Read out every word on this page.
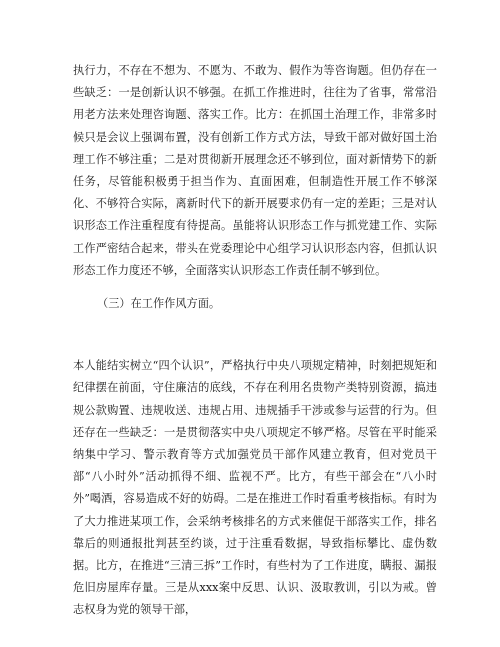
执行力，不存在不想为、不愿为、不敢为、假作为等咨询题。但仍存在一些缺乏：一是创新认识不够强。在抓工作推进时，往往为了省事，常常沿用老方法来处理咨询题、落实工作。比方：在抓国土治理工作，非常多时候只是会议上强调布置，没有创新工作方式方法，导致干部对做好国土治理工作不够注重；二是对贯彻新开展理念还不够到位，面对新情势下的新任务，尽管能积极勇于担当作为、直面困难，但制造性开展工作不够深化、不够符合实际，离新时代下的新开展要求仍有一定的差距；三是对认识形态工作注重程度有待提高。虽能将认识形态工作与抓党建工作、实际工作严密结合起来，带头在党委理论中心组学习认识形态内容，但抓认识形态工作力度还不够，全面落实认识形态工作责任制不够到位。

（三）在工作作风方面。

本人能结实树立“四个认识”，严格执行中央八项规定精神，时刻把规矩和纪律摆在前面，守住廉洁的底线，不存在利用名贵物产类特别资源，搞违规公款购置、违规收送、违规占用、违规插手干涉或参与运营的行为。但还存在一些缺乏：一是贯彻落实中央八项规定不够严格。尽管在平时能采纳集中学习、警示教育等方式加强党员干部作风建立教育，但对党员干部“八小时外”活动抓得不细、监视不严。比方，有些干部会在“八小时外”喝酒，容易造成不好的妨碍。二是在推进工作时看重考核指标。有时为了大力推进某项工作，会采纳考核排名的方式来催促干部落实工作，排名靠后的则通报批判甚至约谈，过于注重看数据，导致指标攀比、虚伪数据。比方，在推进“三清三拆”工作时，有些村为了工作进度，瞒报、漏报危旧房屋库存量。三是从xxx案中反思、认识、汲取教训，引以为戒。曾志权身为党的领导干部，
